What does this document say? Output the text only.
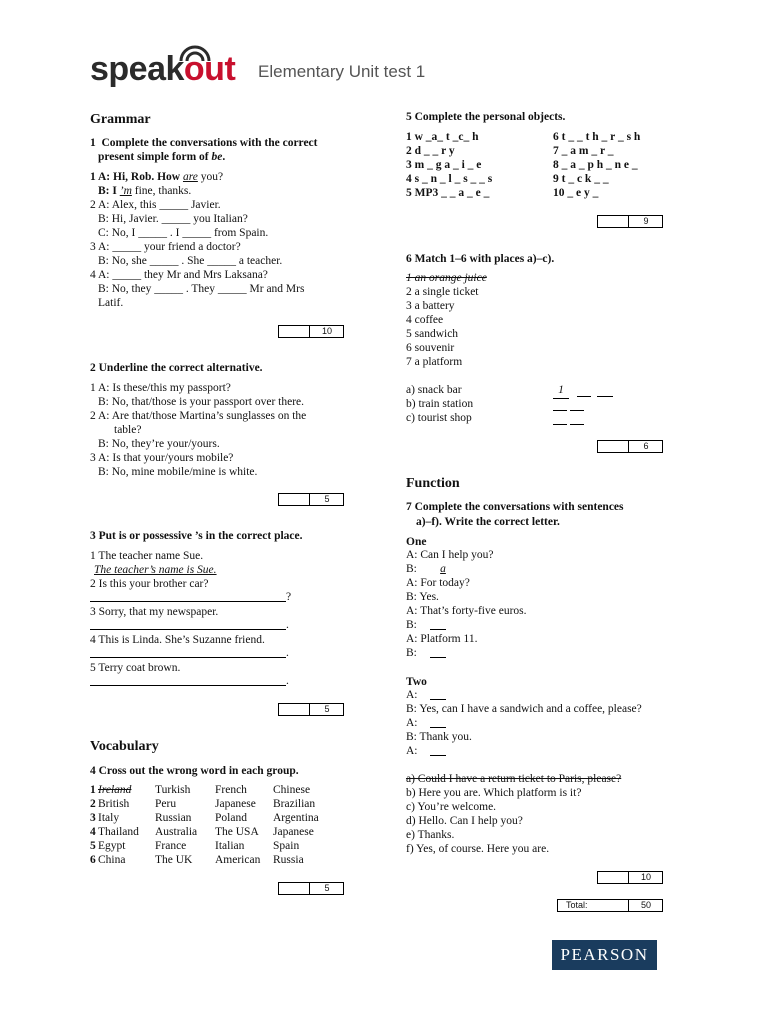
speakout Elementary Unit test 1
Grammar
1 Complete the conversations with the correct
present simple form of be.
1 A: Hi, Rob. How are you?
B: I ’m fine, thanks.
2 A: Alex, this _____ Javier.
B: Hi, Javier. _____ you Italian?
C: No, I _____ . I _____ from Spain.
3 A: _____ your friend a doctor?
B: No, she _____ . She _____ a teacher.
4 A: _____ they Mr and Mrs Laksana?
B: No, they _____ . They _____ Mr and Mrs
Latif.
10
2 Underline the correct alternative.
1 A: Is these/this my passport?
B: No, that/those is your passport over there.
2 A: Are that/those Martina’s sunglasses on the
table?
B: No, they’re your/yours.
3 A: Is that your/yours mobile?
B: No, mine mobile/mine is white.
5
3 Put is or possessive ’s in the correct place.
1 The teacher name Sue.
The teacher’s name is Sue.
2 Is this your brother car?
?
3 Sorry, that my newspaper.
.
4 This is Linda. She’s Suzanne friend.
.
5 Terry coat brown.
.
5
Vocabulary
4 Cross out the wrong word in each group.
1 Ireland Turkish French Chinese
2 British Peru	Japanese Brazilian
3 Italy	Russian Poland Argentina
4 Thailand Australia The USA Japanese
5 Egypt	France Italian Spain
6 China	The UK American Russia
5
5 Complete the personal objects.
1 w _a_ t _c_ h
2 d _ _ r y
3 m _ g a _ i _ e
4 s _ n _ l _ s _ _ s
5 MP3 _ _ a _ e _
6 t _ _ t h _ r _ s h
7 _ a m _ r _
8 _ a _ p h _ n e _
9 t _ c k _ _
10 _ e y _
9
6 Match 1–6 with places a)–c).
1 an orange juice
2 a single ticket
3 a battery
4 coffee
5 sandwich
6 souvenir
7 a platform
a) snack bar
b) train station
c) tourist shop
1
6
Function
7 Complete the conversations with sentences
a)–f). Write the correct letter.
One
A: Can I help you?
B:
A: For today?
B: Yes.
A: That’s forty-five euros.
B:
A: Platform 11.
B:
a
Two
A:
B: Yes, can I have a sandwich and a coffee, please?
A:
B: Thank you.
A:
a) Could I have a return ticket to Paris, please?
b) Here you are. Which platform is it?
c) You’re welcome.
d) Hello. Can I help you?
e) Thanks.
f) Yes, of course. Here you are.
10
Total:	50
PEARSON
